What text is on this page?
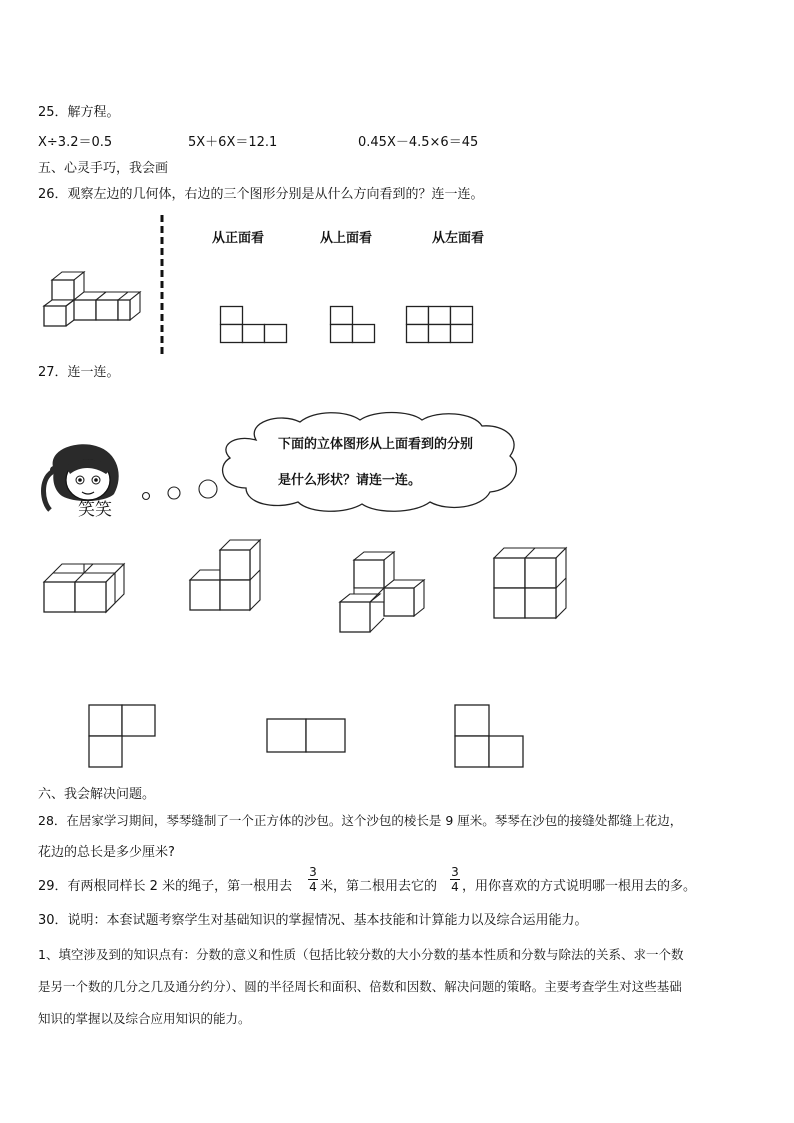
25．解方程。
X÷3.2＝0.5	5X＋6X＝12.1	0.45X－4.5×6＝45
五、心灵手巧，我会画
26．观察左边的几何体，右边的三个图形分别是从什么方向看到的？连一连。
从正面看	从上面看	从左面看
27．连一连。
笑笑
下面的立体图形从上面看到的分别
是什么形状？请连一连。
六、我会解决问题。
28．在居家学习期间，琴琴缝制了一个正方体的沙包。这个沙包的棱长是 9 厘米。琴琴在沙包的接缝处都缝上花边，
花边的总长是多少厘米?
29．有两根同样长 2 米的绳子，第一根用去
3
4 米，第二根用去它的
3
4 ，用你喜欢的方式说明哪一根用去的多。
30．说明：本套试题考察学生对基础知识的掌握情况、基本技能和计算能力以及综合运用能力。
1、填空涉及到的知识点有：分数的意义和性质（包括比较分数的大小分数的基本性质和分数与除法的关系、求一个数
是另一个数的几分之几及通分约分）、圆的半径周长和面积、倍数和因数、解决问题的策略。主要考查学生对这些基础
知识的掌握以及综合应用知识的能力。
